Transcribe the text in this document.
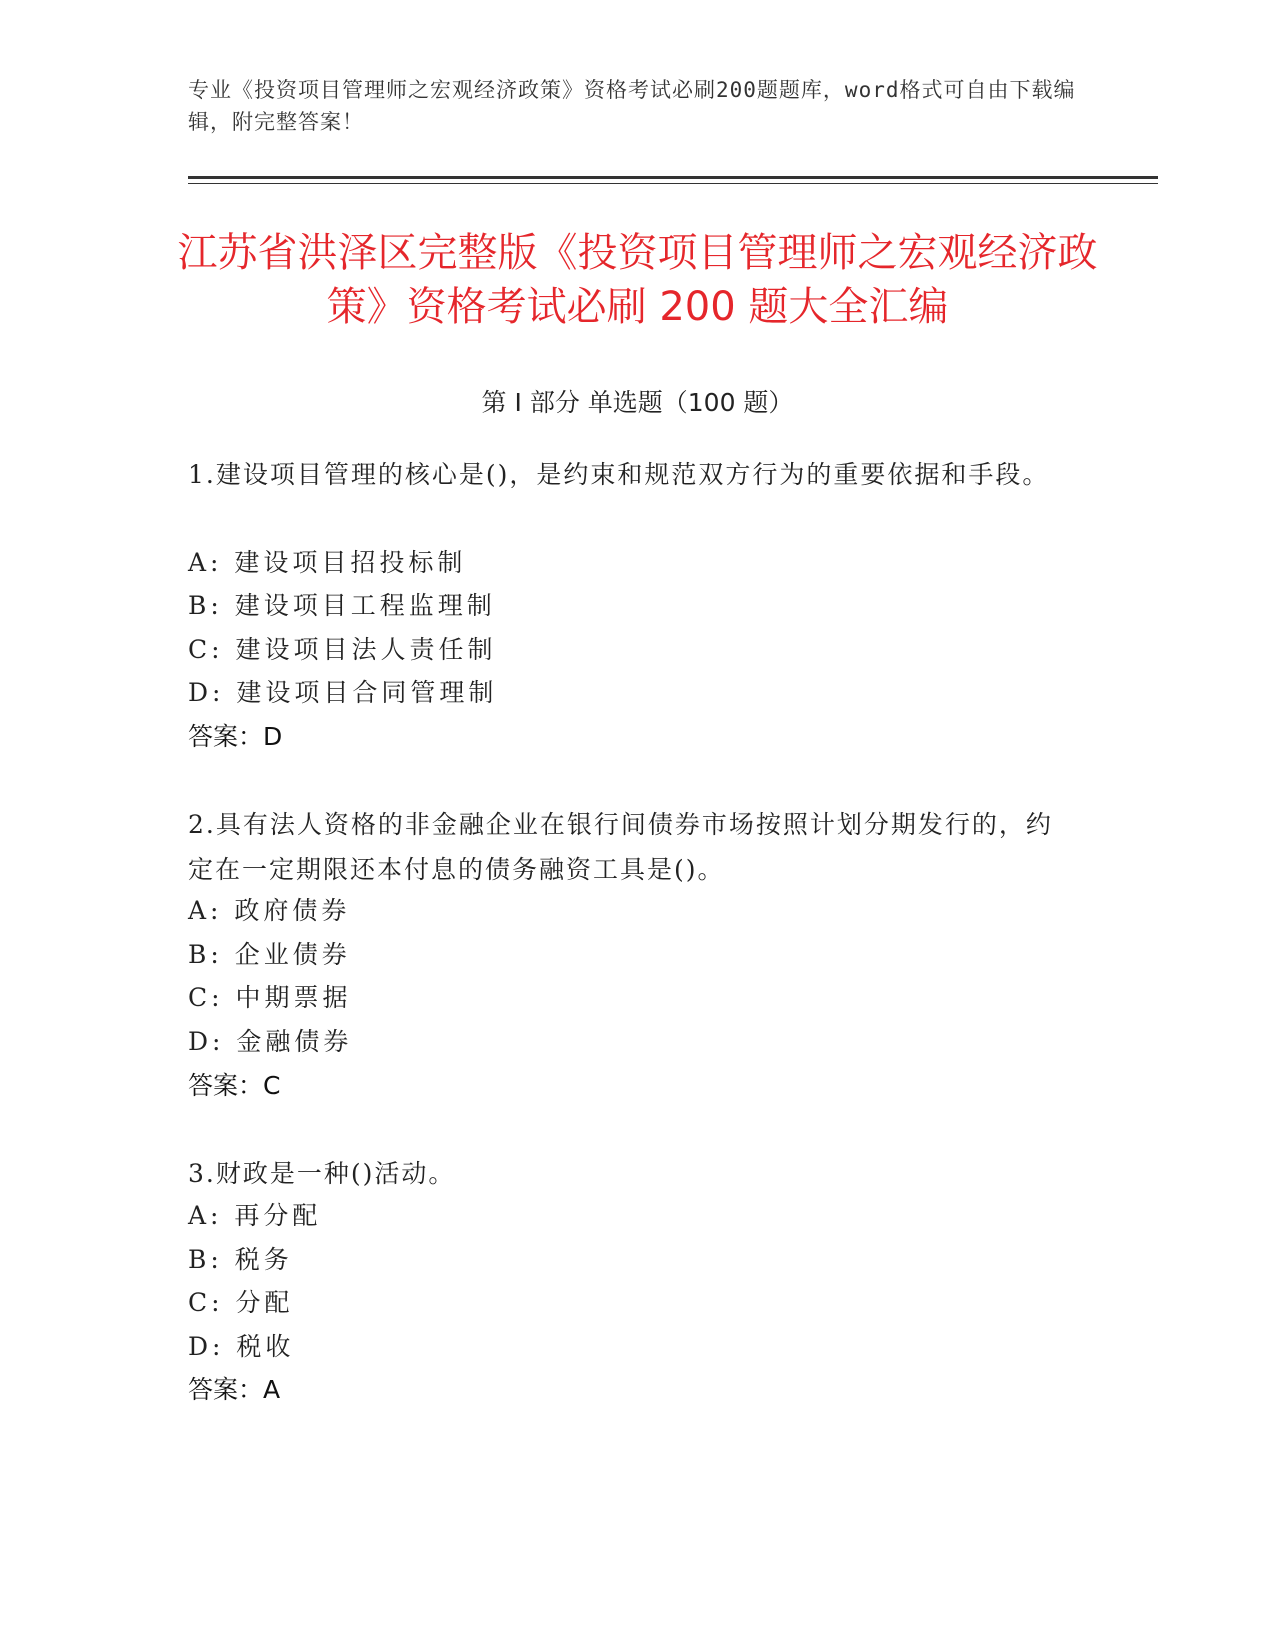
专业《投资项目管理师之宏观经济政策》资格考试必刷200题题库，word格式可自由下载编辑，附完整答案！
江苏省洪泽区完整版《投资项目管理师之宏观经济政策》资格考试必刷 200 题大全汇编
第 I 部分 单选题（100 题）
1.建设项目管理的核心是()，是约束和规范双方行为的重要依据和手段。
A: 建设项目招投标制
B: 建设项目工程监理制
C: 建设项目法人责任制
D: 建设项目合同管理制
答案：D
2.具有法人资格的非金融企业在银行间债券市场按照计划分期发行的，约定在一定期限还本付息的债务融资工具是()。
A: 政府债券
B: 企业债券
C: 中期票据
D: 金融债券
答案：C
3.财政是一种()活动。
A: 再分配
B: 税务
C: 分配
D: 税收
答案：A
